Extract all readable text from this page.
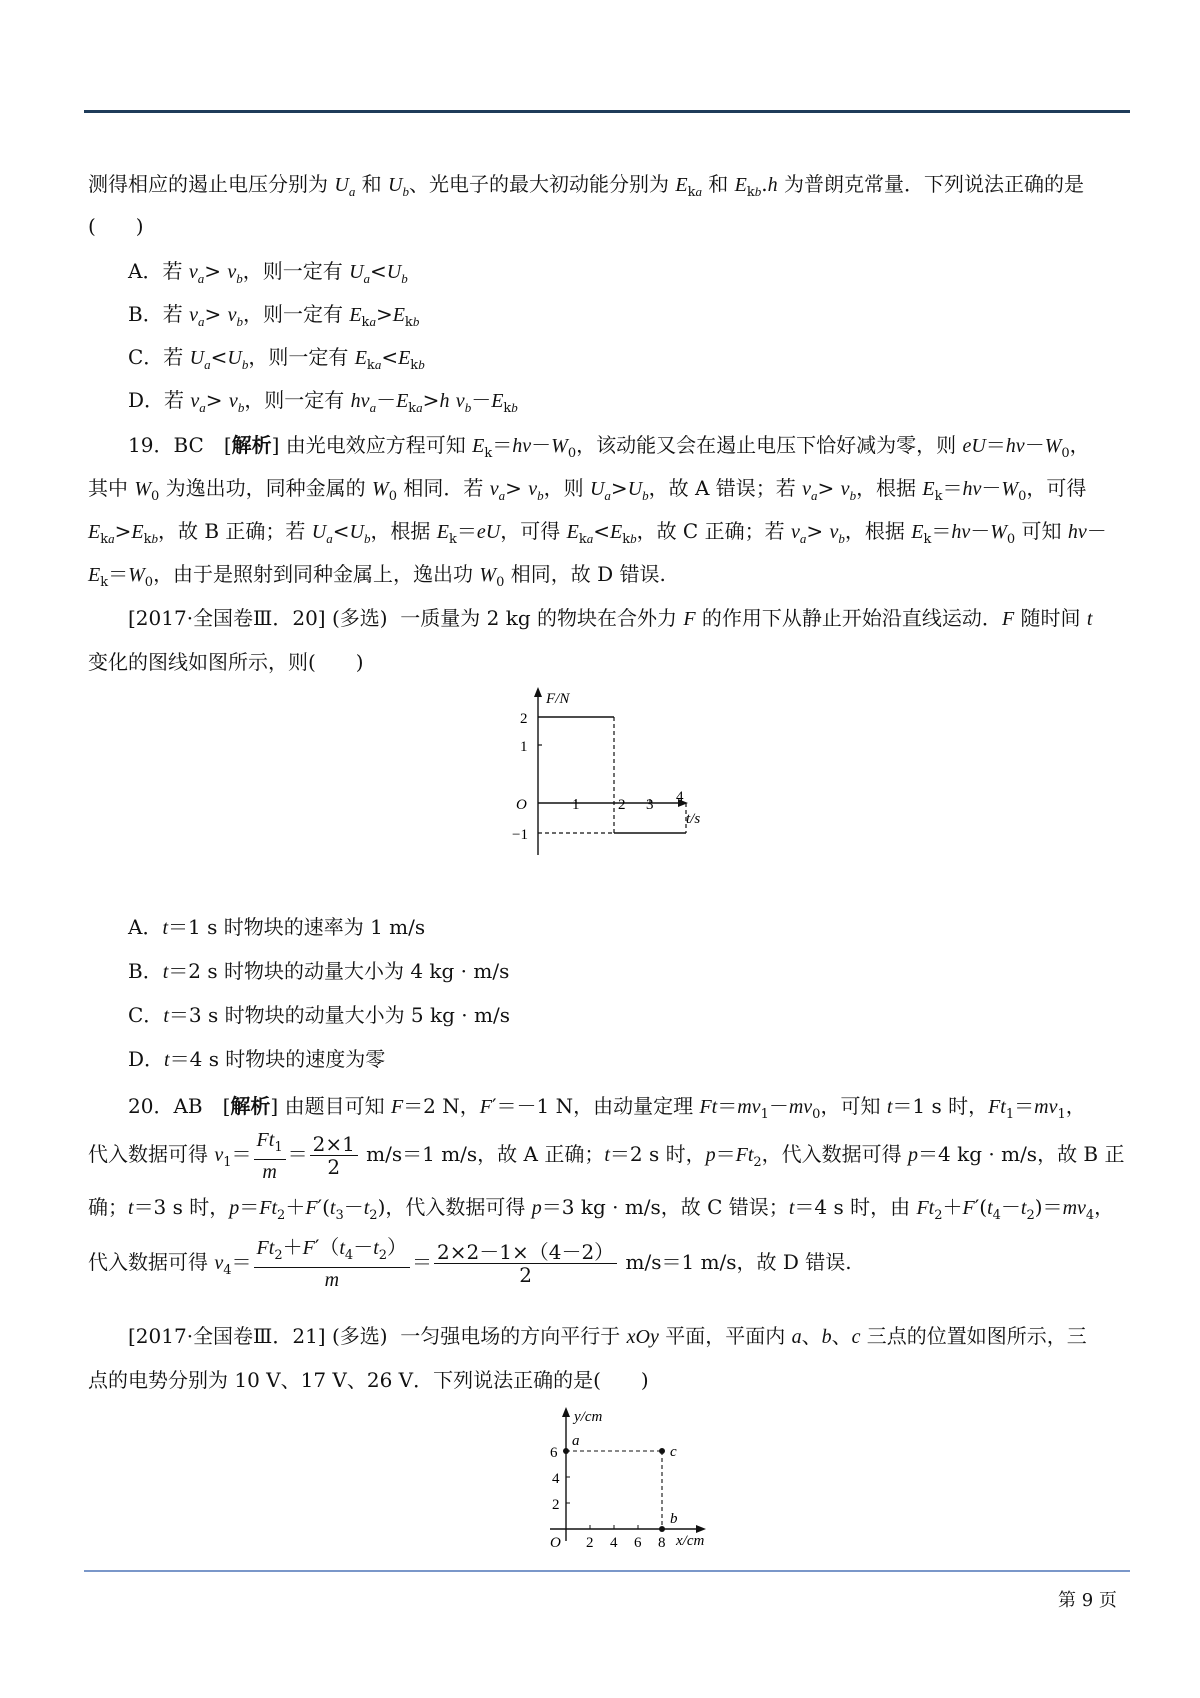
测得相应的遏止电压分别为 $U_a$ 和 $U_b$、光电子的最大初动能分别为 $E_{ka}$ 和 $E_{kb}.h$ 为普朗克常量．下列说法正确的是
(　　)
A．若 $\nu_a> \nu_b$，则一定有 $U_a<U_b$
B．若 $\nu_a> \nu_b$，则一定有 $E_{ka}>E_{kb}$
C．若 $U_a<U_b$，则一定有 $E_{ka}<E_{kb}$
D．若 $\nu_a> \nu_b$，则一定有 $h\nu_a-E_{ka}>h$ $\nu_b-E_{kb}$
19．BC　[解析] 由光电效应方程可知 $E_k=h\nu-W_0$，该动能又会在遏止电压下恰好减为零，则 $eU=h\nu-W_0$，
其中 $W_0$ 为逸出功，同种金属的 $W_0$ 相同．若 $\nu_a> \nu_b$，则 $U_a>U_b$，故 A 错误；若 $\nu_a> \nu_b$，根据 $E_k=h\nu-W_0$，可得
$E_{ka}>E_{kb}$，故 B 正确；若 $U_a<U_b$，根据 $E_k=eU$，可得 $E_{ka}<E_{kb}$，故 C 正确；若 $\nu_a> \nu_b$，根据 $E_k=h\nu-W_0$ 可知 hν－
$E_k=W_0$，由于是照射到同种金属上，逸出功 $W_0$ 相同，故 D 错误.
[2017·全国卷Ⅲ．20] (多选)  一质量为 2 kg 的物块在合外力 F 的作用下从静止开始沿直线运动．F 随时间 t
变化的图线如图所示，则(　　)
F/N
t/s
O
2
1
−1
1	2 3 4
A．t＝1 s 时物块的速率为 1 m/s
B．t＝2 s 时物块的动量大小为 4 kg · m/s
C．t＝3 s 时物块的动量大小为 5 kg · m/s
D．t＝4 s 时物块的速度为零
20．AB　[解析] 由题目可知 F＝2 N，F′＝－1 N，由动量定理 $Ft=mv_1-mv_0$，可知 t＝1 s 时，$Ft_1=mv_1$，
代入数据可得 $v_1= \frac{Ft_1}{m} = \frac{2\times 1}{2} m/s=1$ m/s，故 A 正确；t＝2 s 时，$p=Ft_2$，代入数据可得 p＝4 kg · m/s，故 B 正
确；t＝3 s 时，$p=Ft_2+F'(t_3-t_2)$，代入数据可得 p＝3 kg · m/s，故 C 错误；t＝4 s 时，由 $Ft_2+F'(t_4-t_2)=mv_4$，
代入数据可得 $v_4= \frac{Ft_2+F'(t_4-t_2)}{m} = \frac{2\times 2-1\times(4-2)}{2} m/s=1$ m/s，故 D 错误.
[2017·全国卷Ⅲ．21] (多选)  一匀强电场的方向平行于 xOy 平面，平面内 a、b、c 三点的位置如图所示，三
点的电势分别为 10 V、17 V、26 V．下列说法正确的是(　　)
y/cm
x/cm
O
6
4
2
2 4 6 8
a
b
c
第 9 页
